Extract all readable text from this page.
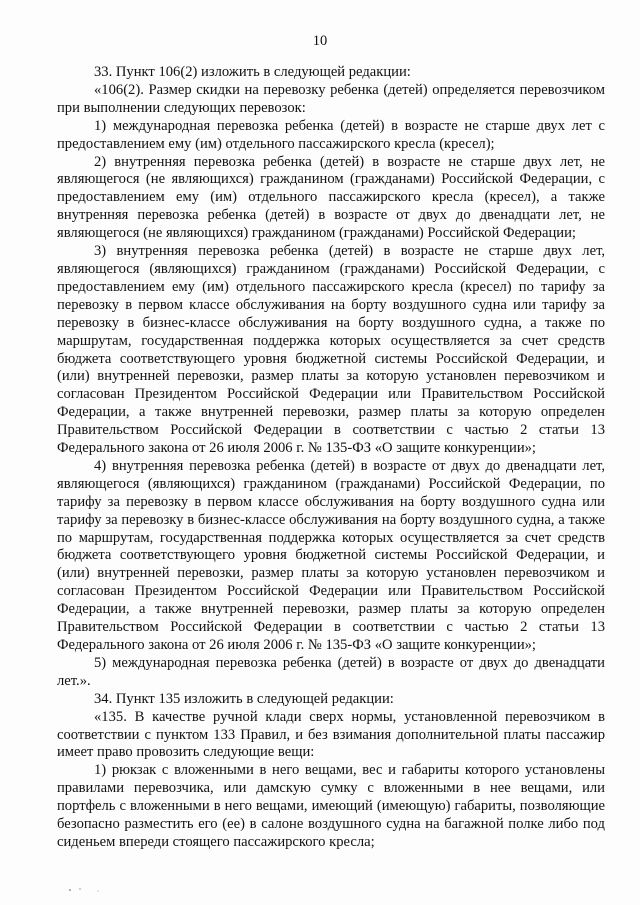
10

33. Пункт 106(2) изложить в следующей редакции:

«106(2). Размер скидки на перевозку ребенка (детей) определяется перевозчиком при выполнении следующих перевозок:

1) международная перевозка ребенка (детей) в возрасте не старше двух лет с предоставлением ему (им) отдельного пассажирского кресла (кресел);

2) внутренняя перевозка ребенка (детей) в возрасте не старше двух лет, не являющегося (не являющихся) гражданином (гражданами) Российской Федерации, с предоставлением ему (им) отдельного пассажирского кресла (кресел), а также внутренняя перевозка ребенка (детей) в возрасте от двух до двенадцати лет, не являющегося (не являющихся) гражданином (гражданами) Российской Федерации;

3) внутренняя перевозка ребенка (детей) в возрасте не старше двух лет, являющегося (являющихся) гражданином (гражданами) Российской Федерации, с предоставлением ему (им) отдельного пассажирского кресла (кресел) по тарифу за перевозку в первом классе обслуживания на борту воздушного судна или тарифу за перевозку в бизнес-классе обслуживания на борту воздушного судна, а также по маршрутам, государственная поддержка которых осуществляется за счет средств бюджета соответствующего уровня бюджетной системы Российской Федерации, и (или) внутренней перевозки, размер платы за которую установлен перевозчиком и согласован Президентом Российской Федерации или Правительством Российской Федерации, а также внутренней перевозки, размер платы за которую определен Правительством Российской Федерации в соответствии с частью 2 статьи 13 Федерального закона от 26 июля 2006 г. № 135-ФЗ «О защите конкуренции»;

4) внутренняя перевозка ребенка (детей) в возрасте от двух до двенадцати лет, являющегося (являющихся) гражданином (гражданами) Российской Федерации, по тарифу за перевозку в первом классе обслуживания на борту воздушного судна или тарифу за перевозку в бизнес-классе обслуживания на борту воздушного судна, а также по маршрутам, государственная поддержка которых осуществляется за счет средств бюджета соответствующего уровня бюджетной системы Российской Федерации, и (или) внутренней перевозки, размер платы за которую установлен перевозчиком и согласован Президентом Российской Федерации или Правительством Российской Федерации, а также внутренней перевозки, размер платы за которую определен Правительством Российской Федерации в соответствии с частью 2 статьи 13 Федерального закона от 26 июля 2006 г. № 135-ФЗ «О защите конкуренции»;

5) международная перевозка ребенка (детей) в возрасте от двух до двенадцати лет.».

34. Пункт 135 изложить в следующей редакции:

«135. В качестве ручной клади сверх нормы, установленной перевозчиком в соответствии с пунктом 133 Правил, и без взимания дополнительной платы пассажир имеет право провозить следующие вещи:

1) рюкзак с вложенными в него вещами, вес и габариты которого установлены правилами перевозчика, или дамскую сумку с вложенными в нее вещами, или портфель с вложенными в него вещами, имеющий (имеющую) габариты, позволяющие безопасно разместить его (ее) в салоне воздушного судна на багажной полке либо под сиденьем впереди стоящего пассажирского кресла;
